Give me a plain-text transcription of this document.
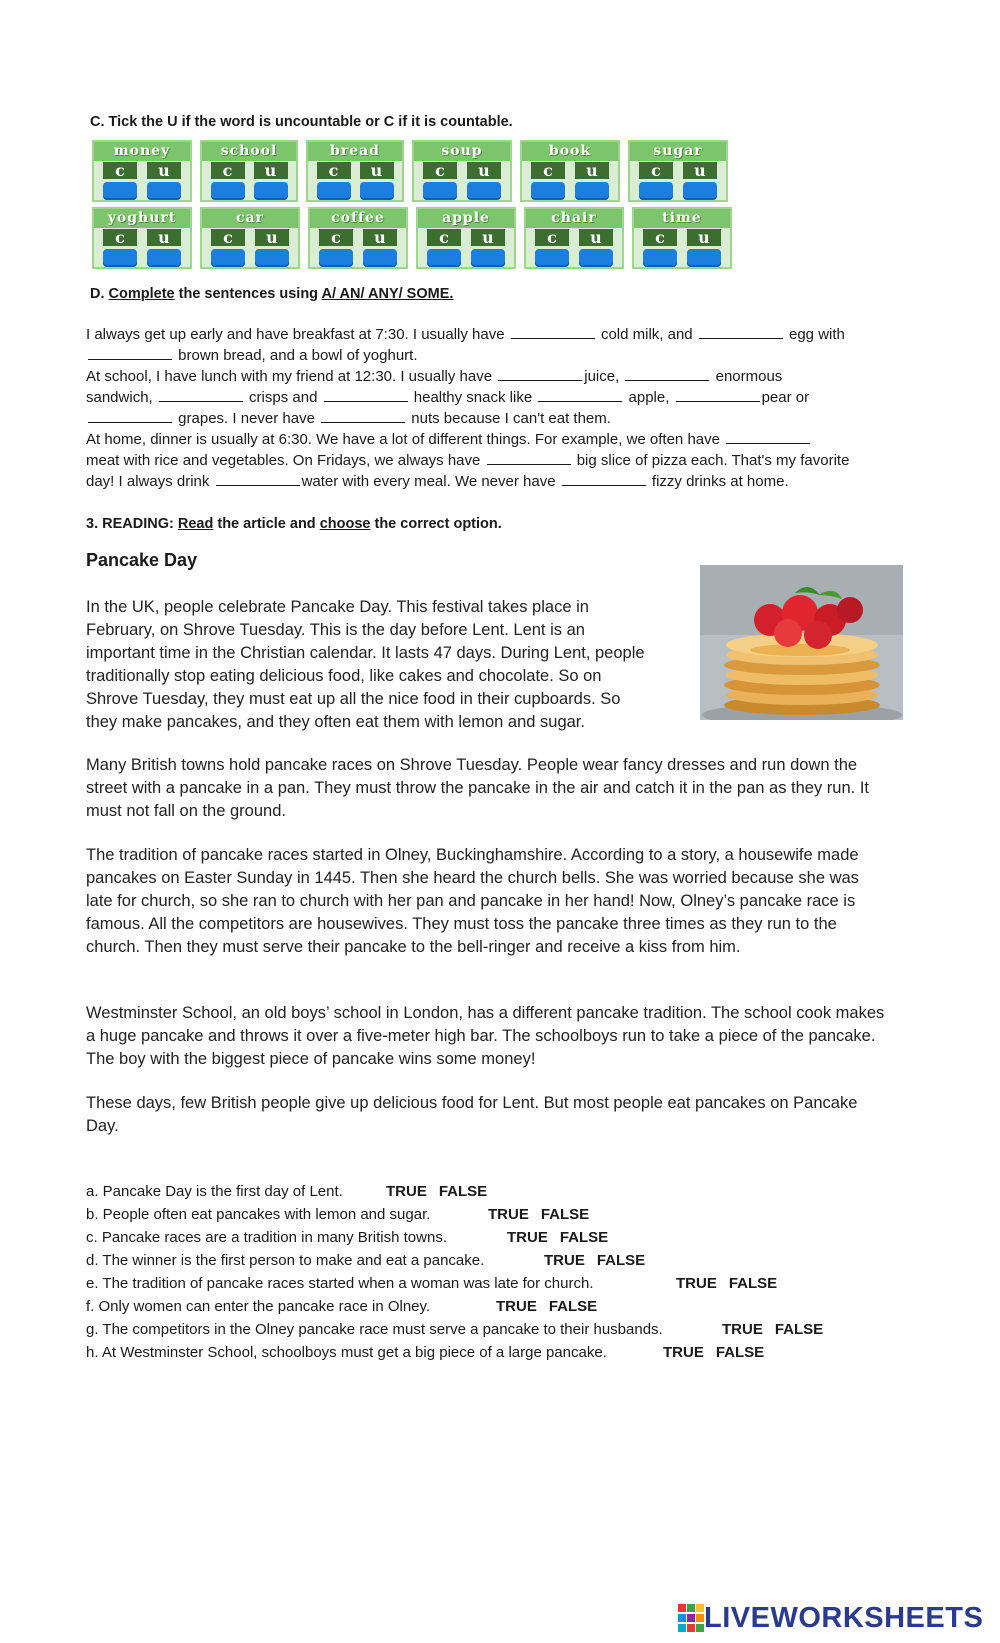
C. Tick the U if the word is uncountable or C if it is countable.
money
c	u
school
c	u
bread
c	u
soup
c	u
book
c	u
sugar
c	u
yoghurt
c	u
car
c	u
coffee
c	u
apple
c	u
chair
c	u
time
c	u
D. Complete the sentences using A/ AN/ ANY/ SOME.

I always get up early and have breakfast at 7:30. I usually have	cold milk, and	egg with
brown bread, and a bowl of yoghurt.

At school, I have lunch with my friend at 12:30. I usually have	juice,	enormous
sandwich,	crisps and	healthy snack like	apple,	pear or
grapes. I never have	nuts because I can't eat them.

At home, dinner is usually at 6:30. We have a lot of different things. For example, we often have
meat with rice and vegetables. On Fridays, we always have	big slice of pizza each. That's my favorite
day! I always drink	water with every meal. We never have	fizzy drinks at home.

3. READING: Read the article and choose the correct option.
Pancake Day
In the UK, people celebrate Pancake Day. This festival takes place in
February, on Shrove Tuesday. This is the day before Lent. Lent is an
important time in the Christian calendar. It lasts 47 days. During Lent, people
traditionally stop eating delicious food, like cakes and chocolate. So on
Shrove Tuesday, they must eat up all the nice food in their cupboards. So
they make pancakes, and they often eat them with lemon and sugar.
Many British towns hold pancake races on Shrove Tuesday. People wear fancy dresses and run down the street with a pancake in a pan. They must throw the pancake in the air and catch it in the pan as they run. It must not fall on the ground.
The tradition of pancake races started in Olney, Buckinghamshire. According to a story, a housewife made pancakes on Easter Sunday in 1445. Then she heard the church bells. She was worried because she was late for church, so she ran to church with her pan and pancake in her hand! Now, Olney’s pancake race is famous. All the competitors are housewives. They must toss the pancake three times as they run to the church. Then they must serve their pancake to the bell-ringer and receive a kiss from him.
Westminster School, an old boys’ school in London, has a different pancake tradition. The school cook makes a huge pancake and throws it over a five-meter high bar. The schoolboys run to take a piece of the pancake. The boy with the biggest piece of pancake wins some money!
These days, few British people give up delicious food for Lent. But most people eat pancakes on Pancake Day.
a. Pancake Day is the first day of Lent.	TRUE FALSE
b. People often eat pancakes with lemon and sugar.	TRUE FALSE
c. Pancake races are a tradition in many British towns.	TRUE FALSE
d. The winner is the first person to make and eat a pancake.	TRUE FALSE
e. The tradition of pancake races started when a woman was late for church.	TRUE FALSE
f. Only women can enter the pancake race in Olney.	TRUE FALSE
g. The competitors in the Olney pancake race must serve a pancake to their husbands.	TRUE FALSE
h. At Westminster School, schoolboys must get a big piece of a large pancake.	TRUE FALSE
LIVEWORKSHEETS
